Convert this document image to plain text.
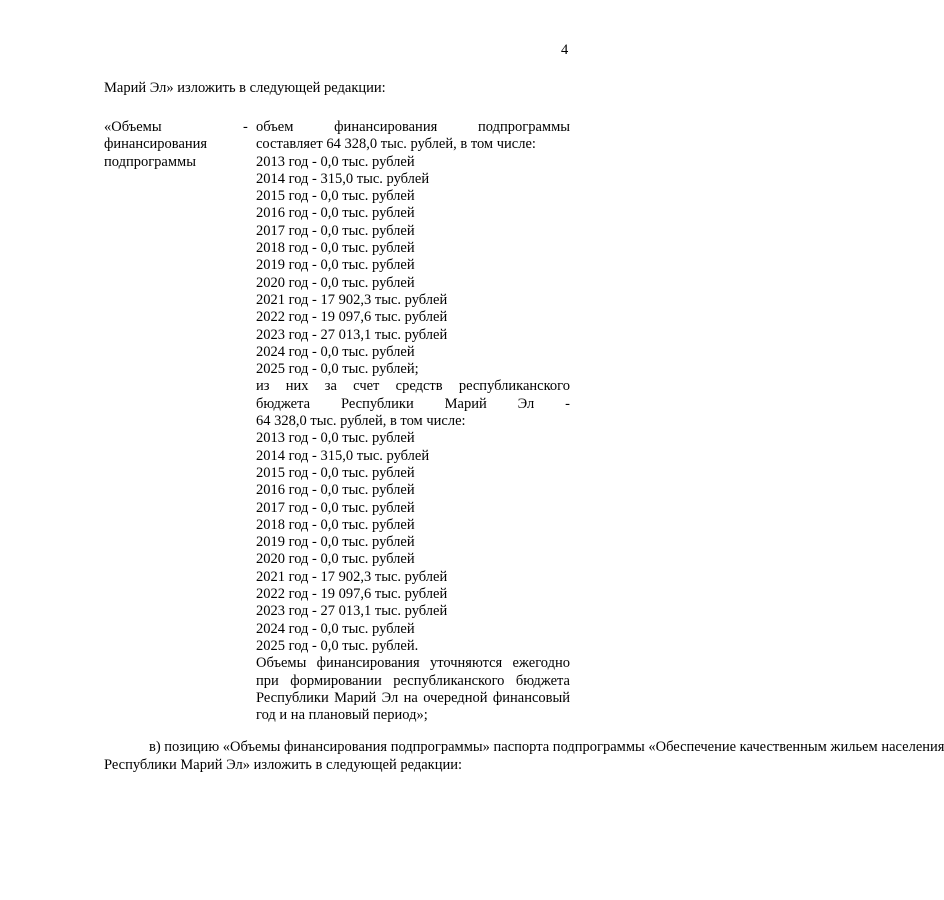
4
Марий Эл» изложить в следующей редакции:
«Объемы
финансирования
подпрограммы
- объем финансирования подпрограммы
составляет 64 328,0 тыс. рублей, в том числе:
2013 год - 0,0 тыс. рублей
2014 год - 315,0 тыс. рублей
2015 год - 0,0 тыс. рублей
2016 год - 0,0 тыс. рублей
2017 год - 0,0 тыс. рублей
2018 год - 0,0 тыс. рублей
2019 год - 0,0 тыс. рублей
2020 год - 0,0 тыс. рублей
2021 год - 17 902,3 тыс. рублей
2022 год - 19 097,6 тыс. рублей
2023 год - 27 013,1 тыс. рублей
2024 год - 0,0 тыс. рублей
2025 год - 0,0 тыс. рублей;
из них за счет средств республиканского
бюджета Республики Марий Эл -
64 328,0 тыс. рублей, в том числе:
2013 год - 0,0 тыс. рублей
2014 год - 315,0 тыс. рублей
2015 год - 0,0 тыс. рублей
2016 год - 0,0 тыс. рублей
2017 год - 0,0 тыс. рублей
2018 год - 0,0 тыс. рублей
2019 год - 0,0 тыс. рублей
2020 год - 0,0 тыс. рублей
2021 год - 17 902,3 тыс. рублей
2022 год - 19 097,6 тыс. рублей
2023 год - 27 013,1 тыс. рублей
2024 год - 0,0 тыс. рублей
2025 год - 0,0 тыс. рублей.
Объемы финансирования уточняются ежегодно при формировании республиканского бюджета Республики Марий Эл на очередной финансовый год и на плановый период»;
в) позицию «Объемы финансирования подпрограммы» паспорта подпрограммы «Обеспечение качественным жильем населения
Республики Марий Эл» изложить в следующей редакции:
